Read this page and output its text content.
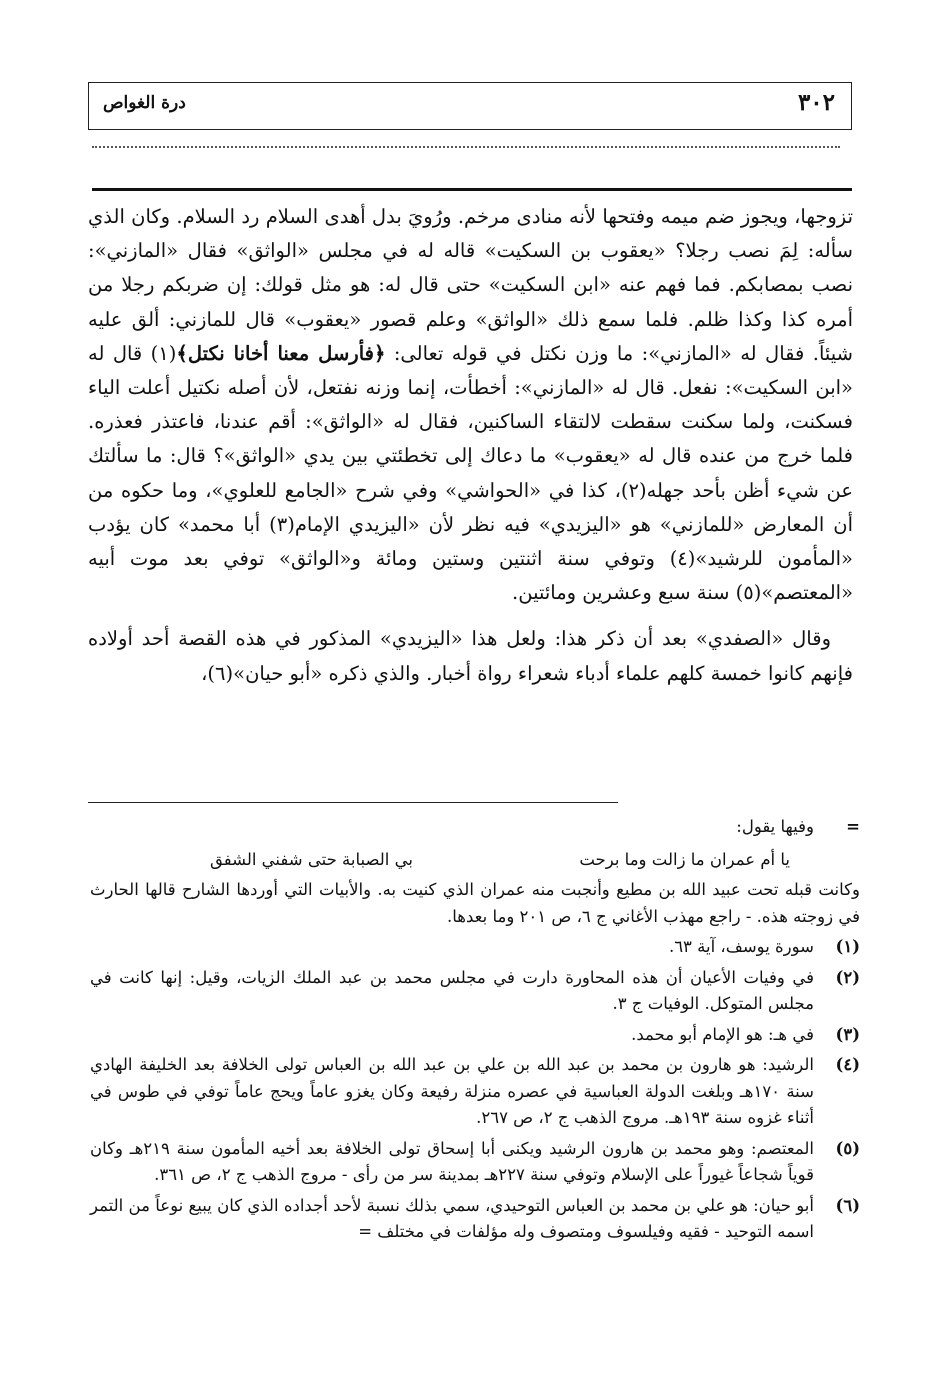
٣٠٢
درة الغواص

تزوجها، ويجوز ضم ميمه وفتحها لأنه منادى مرخم. ورُويَ بدل أهدى السلام رد السلام. وكان الذي سأله: لِمَ نصب رجلا؟ «يعقوب بن السكيت» قاله له في مجلس «الواثق» فقال «المازني»: نصب بمصابكم. فما فهم عنه «ابن السكيت» حتى قال له: هو مثل قولك: إن ضربكم رجلا من أمره كذا وكذا ظلم. فلما سمع ذلك «الواثق» وعلم قصور «يعقوب» قال للمازني: ألق عليه شيئاً. فقال له «المازني»: ما وزن نكتل في قوله تعالى: ﴿فأرسل معنا أخانا نكتل﴾(١) قال له «ابن السكيت»: نفعل. قال له «المازني»: أخطأت، إنما وزنه نفتعل، لأن أصله نكتيل أعلت الياء فسكنت، ولما سكنت سقطت لالتقاء الساكنين، فقال له «الواثق»: أقم عندنا، فاعتذر فعذره. فلما خرج من عنده قال له «يعقوب» ما دعاك إلى تخطئتي بين يدي «الواثق»؟ قال: ما سألتك عن شيء أظن بأحد جهله(٢)، كذا في «الحواشي» وفي شرح «الجامع للعلوي»، وما حكوه من أن المعارض «للمازني» هو «اليزيدي» فيه نظر لأن «اليزيدي الإمام(٣) أبا محمد» كان يؤدب «المأمون للرشيد»(٤) وتوفي سنة اثنتين وستين ومائة و«الواثق» توفي بعد موت أبيه «المعتصم»(٥) سنة سبع وعشرين ومائتين.

وقال «الصفدي» بعد أن ذكر هذا: ولعل هذا «اليزيدي» المذكور في هذه القصة أحد أولاده فإنهم كانوا خمسة كلهم علماء أدباء شعراء رواة أخبار. والذي ذكره «أبو حيان»(٦)،

=
وفيها يقول:
يا أم عمران ما زالت وما برحت
بي الصبابة حتى شفني الشفق
وكانت قبله تحت عبيد الله بن مطيع وأنجبت منه عمران الذي كنيت به. والأبيات التي أوردها الشارح قالها الحارث في زوجته هذه. - راجع مهذب الأغاني ج ٦، ص ٢٠١ وما بعدها.
(١)
سورة يوسف، آية ٦٣.
(٢)
في وفيات الأعيان أن هذه المحاورة دارت في مجلس محمد بن عبد الملك الزيات، وقيل: إنها كانت في مجلس المتوكل. الوفيات ج ٣.
(٣)
في هـ: هو الإمام أبو محمد.
(٤)
الرشيد: هو هارون بن محمد بن عبد الله بن علي بن عبد الله بن العباس تولى الخلافة بعد الخليفة الهادي سنة ١٧٠هـ وبلغت الدولة العباسية في عصره منزلة رفيعة وكان يغزو عاماً ويحج عاماً توفي في طوس في أثناء غزوه سنة ١٩٣هـ. مروج الذهب ج ٢، ص ٢٦٧.
(٥)
المعتصم: وهو محمد بن هارون الرشيد ويكنى أبا إسحاق تولى الخلافة بعد أخيه المأمون سنة ٢١٩هـ وكان قوياً شجاعاً غيوراً على الإسلام وتوفي سنة ٢٢٧هـ بمدينة سر من رأى - مروج الذهب ج ٢، ص ٣٦١.
(٦)
أبو حيان: هو علي بن محمد بن العباس التوحيدي، سمي بذلك نسبة لأحد أجداده الذي كان يبيع نوعاً من التمر اسمه التوحيد - فقيه وفيلسوف ومتصوف وله مؤلفات في مختلف =
